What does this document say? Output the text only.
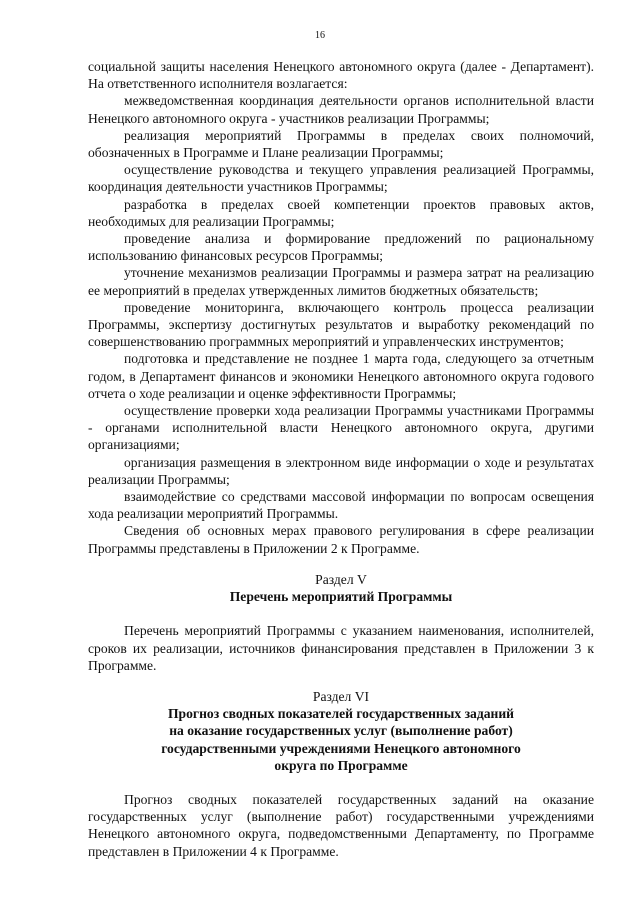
16

социальной защиты населения Ненецкого автономного округа (далее - Департамент). На ответственного исполнителя возлагается:

межведомственная координация деятельности органов исполнительной власти Ненецкого автономного округа - участников реализации Программы;

реализация мероприятий Программы в пределах своих полномочий, обозначенных в Программе и Плане реализации Программы;

осуществление руководства и текущего управления реализацией Программы, координация деятельности участников Программы;

разработка в пределах своей компетенции проектов правовых актов, необходимых для реализации Программы;

проведение анализа и формирование предложений по рациональному использованию финансовых ресурсов Программы;

уточнение механизмов реализации Программы и размера затрат на реализацию ее мероприятий в пределах утвержденных лимитов бюджетных обязательств;

проведение мониторинга, включающего контроль процесса реализации Программы, экспертизу достигнутых результатов и выработку рекомендаций по совершенствованию программных мероприятий и управленческих инструментов;

подготовка и представление не позднее 1 марта года, следующего за отчетным годом, в Департамент финансов и экономики Ненецкого автономного округа годового отчета о ходе реализации и оценке эффективности Программы;

осуществление проверки хода реализации Программы участниками Программы - органами исполнительной власти Ненецкого автономного округа, другими организациями;

организация размещения в электронном виде информации о ходе и результатах реализации Программы;

взаимодействие со средствами массовой информации по вопросам освещения хода реализации мероприятий Программы.

Сведения об основных мерах правового регулирования в сфере реализации Программы представлены в Приложении 2 к Программе.

Раздел V
Перечень мероприятий Программы

Перечень мероприятий Программы с указанием наименования, исполнителей, сроков их реализации, источников финансирования представлен в Приложении 3 к Программе.

Раздел VI
Прогноз сводных показателей государственных заданий
на оказание государственных услуг (выполнение работ)
государственными учреждениями Ненецкого автономного
округа по Программе

Прогноз сводных показателей государственных заданий на оказание государственных услуг (выполнение работ) государственными учреждениями Ненецкого автономного округа, подведомственными Департаменту, по Программе представлен в Приложении 4 к Программе.
